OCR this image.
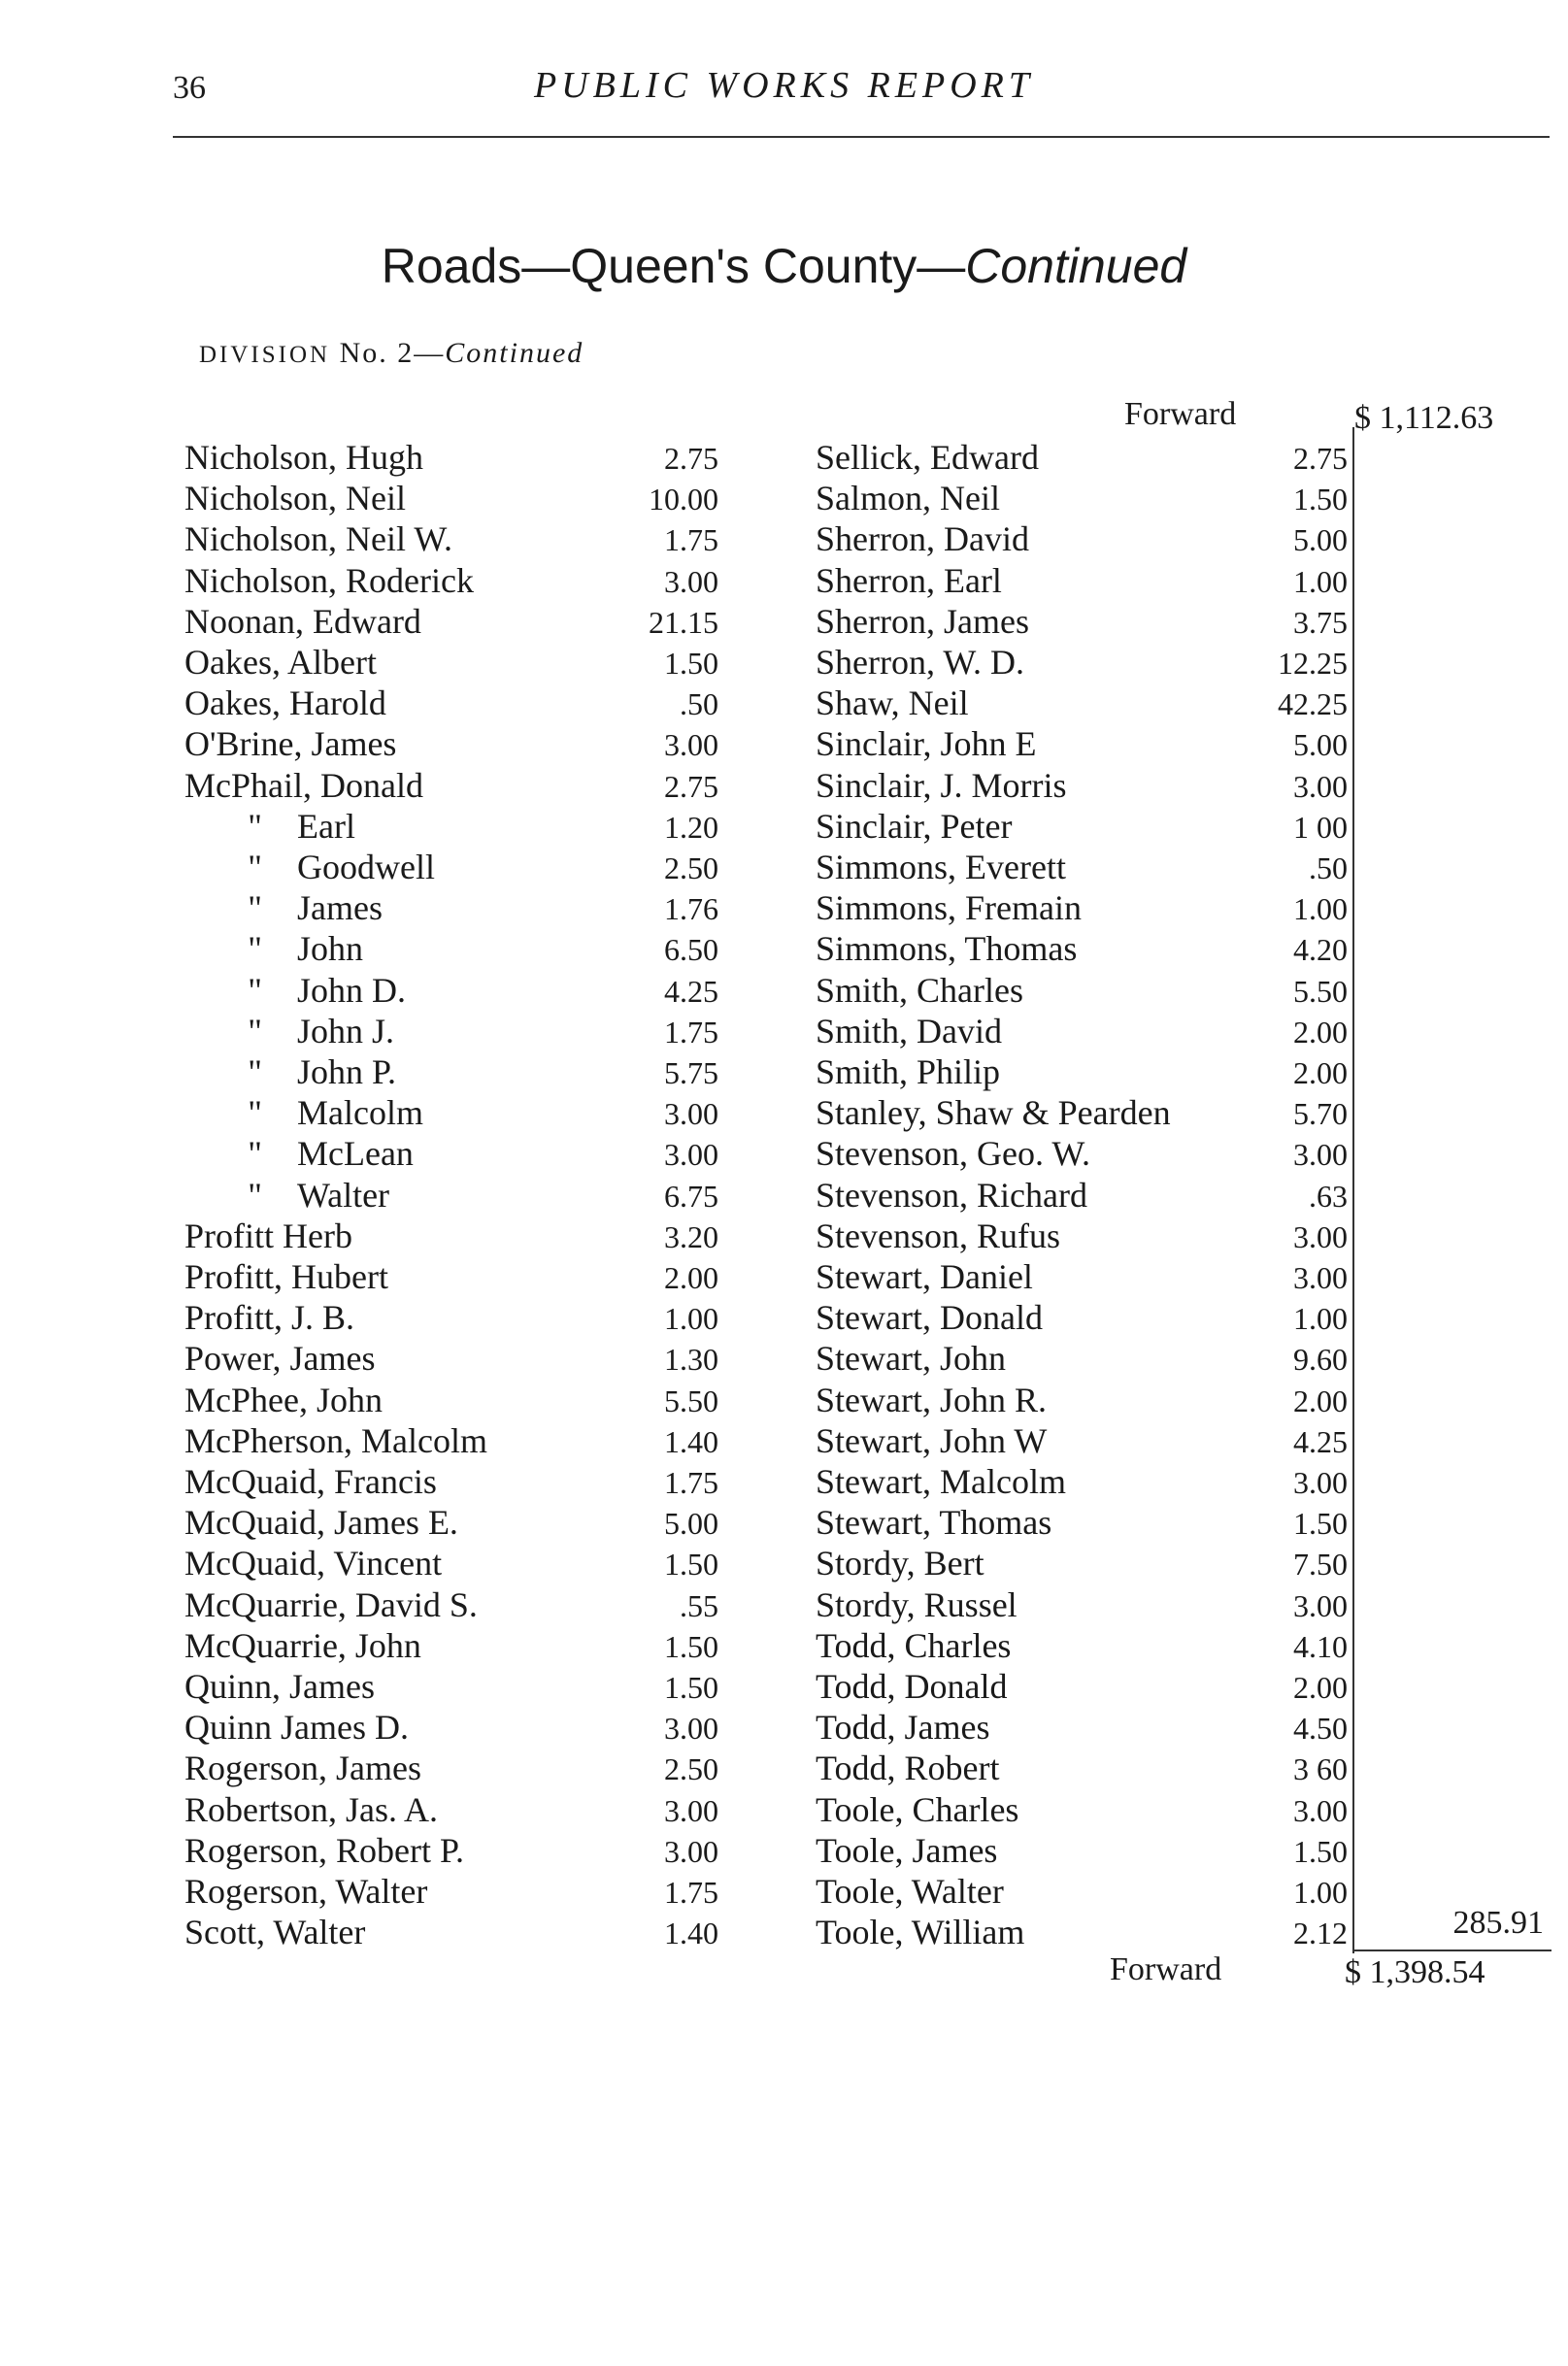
36	PUBLIC WORKS REPORT
Roads—Queen's County—Continued
DIVISION No. 2—Continued
Forward	$ 1,112.63
Nicholson, Hugh	2.75
Nicholson, Neil	10.00
Nicholson, Neil W.	1.75
Nicholson, Roderick	3.00
Noonan, Edward	21.15
Oakes, Albert	1.50
Oakes, Harold	.50
O'Brine, James	3.00
McPhail, Donald	2.75
" Earl	1.20
" Goodwell	2.50
" James	1.76
" John	6.50
" John D.	4.25
" John J.	1.75
" John P.	5.75
" Malcolm	3.00
" McLean	3.00
" Walter	6.75
Profitt Herb	3.20
Profitt, Hubert	2.00
Profitt, J. B.	1.00
Power, James	1.30
McPhee, John	5.50
McPherson, Malcolm	1.40
McQuaid, Francis	1.75
McQuaid, James E.	5.00
McQuaid, Vincent	1.50
McQuarrie, David S.	.55
McQuarrie, John	1.50
Quinn, James	1.50
Quinn James D.	3.00
Rogerson, James	2.50
Robertson, Jas. A.	3.00
Rogerson, Robert P.	3.00
Rogerson, Walter	1.75
Scott, Walter	1.40
Sellick, Edward	2.75
Salmon, Neil	1.50
Sherron, David	5.00
Sherron, Earl	1.00
Sherron, James	3.75
Sherron, W. D.	12.25
Shaw, Neil	42.25
Sinclair, John E	5.00
Sinclair, J. Morris	3.00
Sinclair, Peter	1 00
Simmons, Everett	.50
Simmons, Fremain	1.00
Simmons, Thomas	4.20
Smith, Charles	5.50
Smith, David	2.00
Smith, Philip	2.00
Stanley, Shaw & Pearden	5.70
Stevenson, Geo. W.	3.00
Stevenson, Richard	.63
Stevenson, Rufus	3.00
Stewart, Daniel	3.00
Stewart, Donald	1.00
Stewart, John	9.60
Stewart, John R.	2.00
Stewart, John W	4.25
Stewart, Malcolm	3.00
Stewart, Thomas	1.50
Stordy, Bert	7.50
Stordy, Russel	3.00
Todd, Charles	4.10
Todd, Donald	2.00
Todd, James	4.50
Todd, Robert	3 60
Toole, Charles	3.00
Toole, James	1.50
Toole, Walter	1.00
Toole, William	2.12	285.91
Forward	$ 1,398.54
